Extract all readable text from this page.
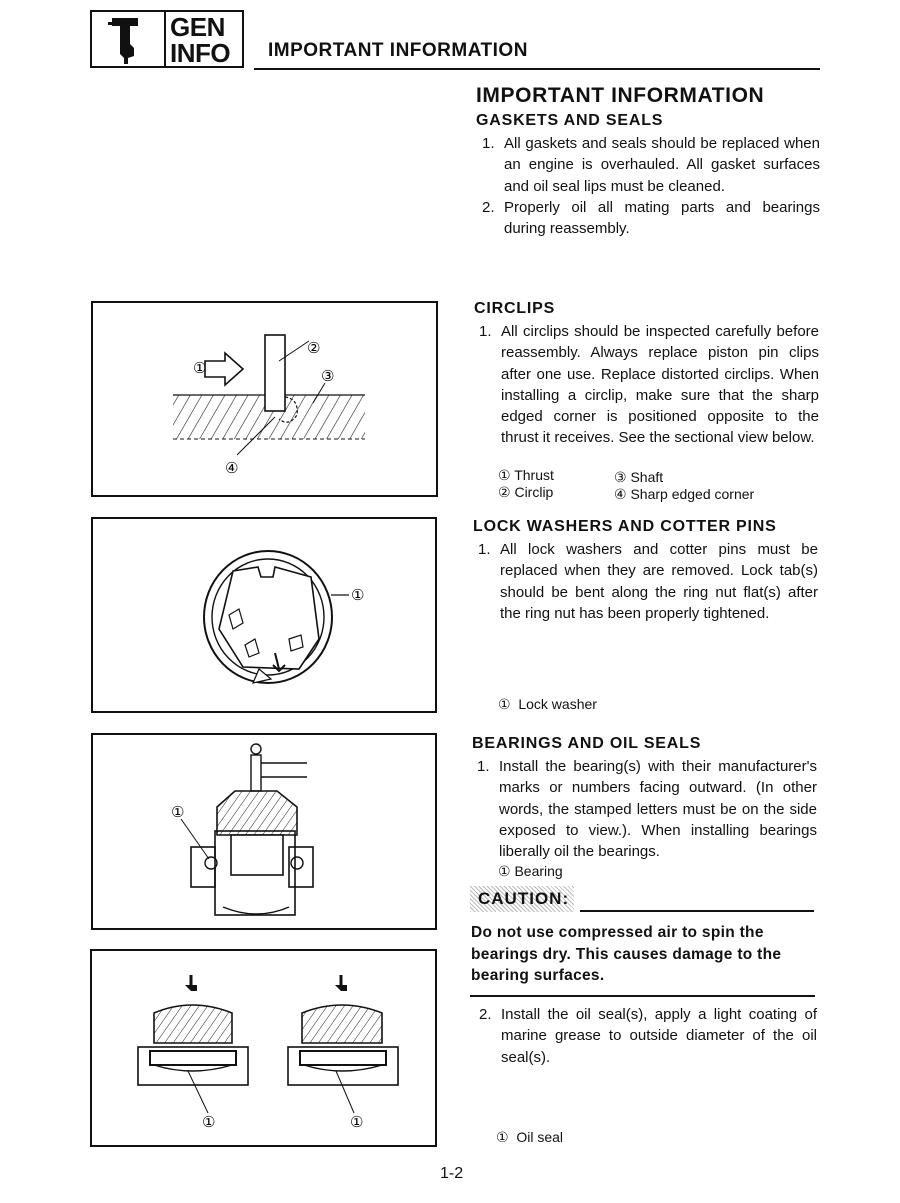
GEN
INFO IMPORTANT INFORMATION
IMPORTANT INFORMATION
GASKETS AND SEALS
1. All gaskets and seals should be replaced when an engine is overhauled. All gasket surfaces and oil seal lips must be cleaned.
2. Properly oil all mating parts and bearings during reassembly.
CIRCLIPS
1. All circlips should be inspected carefully before reassembly. Always replace piston pin clips after one use. Replace distorted circlips. When installing a circlip, make sure that the sharp edged corner is positioned opposite to the thrust it receives. See the sectional view below.
① Thrust
② Circlip
③ Shaft
④ Sharp edged corner
LOCK WASHERS AND COTTER PINS
1. All lock washers and cotter pins must be replaced when they are removed. Lock tab(s) should be bent along the ring nut flat(s) after the ring nut has been properly tightened.
① Lock washer
BEARINGS AND OIL SEALS
1. Install the bearing(s) with their manufacturer's marks or numbers facing outward. (In other words, the stamped letters must be on the side exposed to view.). When installing bearings liberally oil the bearings.
① Bearing
CAUTION:
Do not use compressed air to spin the bearings dry. This causes damage to the bearing surfaces.
2. Install the oil seal(s), apply a light coating of marine grease to outside diameter of the oil seal(s).
① Oil seal
①
②
③
④
①
①
①	①
1-2
